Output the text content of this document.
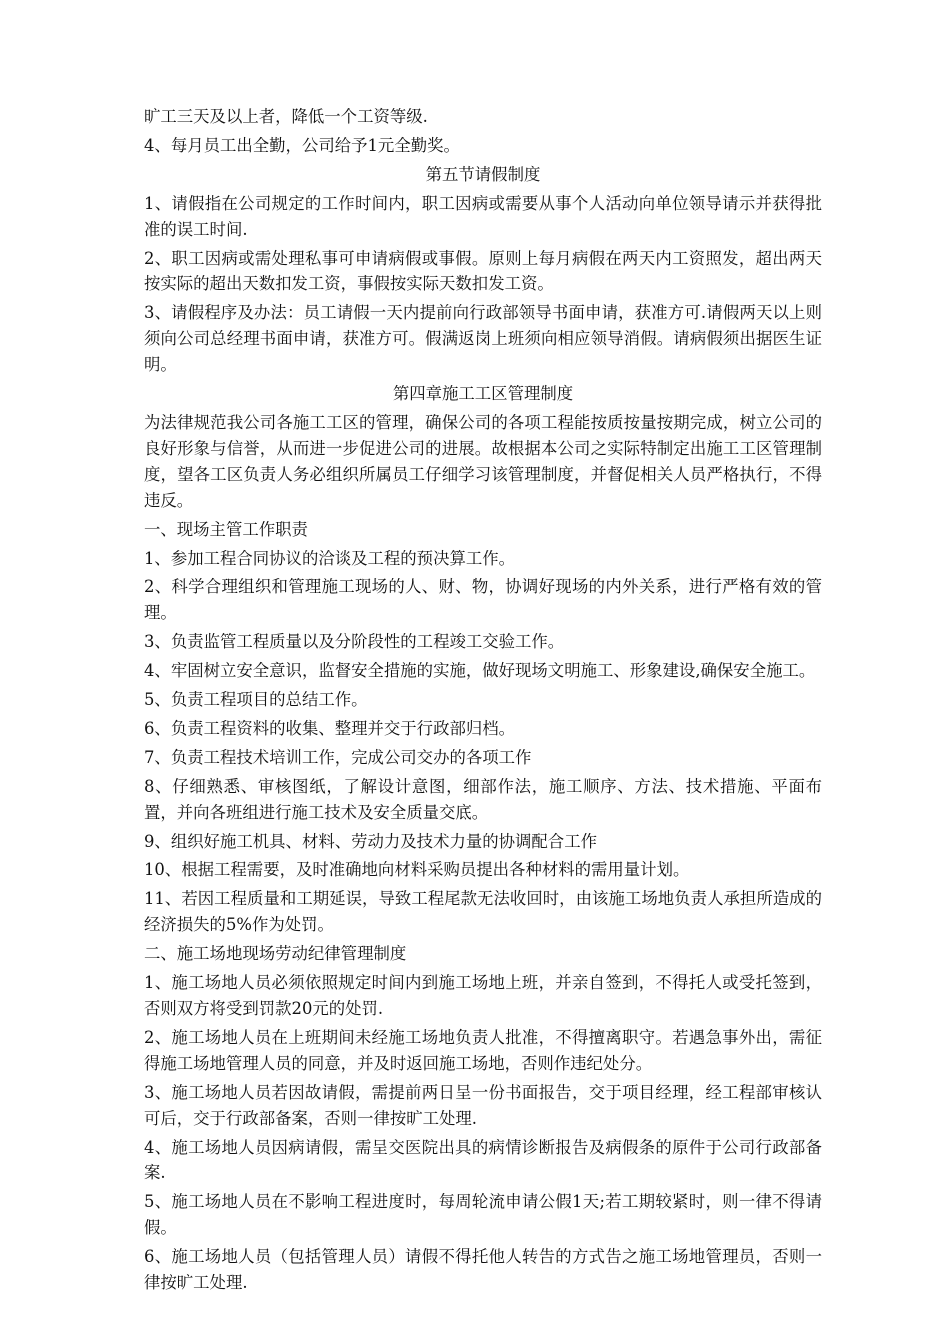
旷工三天及以上者，降低一个工资等级.
4、每月员工出全勤，公司给予1元全勤奖。
第五节请假制度
1、请假指在公司规定的工作时间内，职工因病或需要从事个人活动向单位领导请示并获得批准的误工时间.
2、职工因病或需处理私事可申请病假或事假。原则上每月病假在两天内工资照发，超出两天按实际的超出天数扣发工资，事假按实际天数扣发工资。
3、请假程序及办法：员工请假一天内提前向行政部领导书面申请，获准方可.请假两天以上则须向公司总经理书面申请，获准方可。假满返岗上班须向相应领导消假。请病假须出据医生证明。
第四章施工工区管理制度
为法律规范我公司各施工工区的管理，确保公司的各项工程能按质按量按期完成，树立公司的良好形象与信誉，从而进一步促进公司的进展。故根据本公司之实际特制定出施工工区管理制度，望各工区负责人务必组织所属员工仔细学习该管理制度，并督促相关人员严格执行，不得违反。
一、现场主管工作职责
1、参加工程合同协议的洽谈及工程的预决算工作。
2、科学合理组织和管理施工现场的人、财、物，协调好现场的内外关系，进行严格有效的管理。
3、负责监管工程质量以及分阶段性的工程竣工交验工作。
4、牢固树立安全意识，监督安全措施的实施，做好现场文明施工、形象建设,确保安全施工。
5、负责工程项目的总结工作。
6、负责工程资料的收集、整理并交于行政部归档。
7、负责工程技术培训工作，完成公司交办的各项工作
8、仔细熟悉、审核图纸，了解设计意图，细部作法，施工顺序、方法、技术措施、平面布置，并向各班组进行施工技术及安全质量交底。
9、组织好施工机具、材料、劳动力及技术力量的协调配合工作
10、根据工程需要，及时准确地向材料采购员提出各种材料的需用量计划。
11、若因工程质量和工期延误，导致工程尾款无法收回时，由该施工场地负责人承担所造成的经济损失的5%作为处罚。
二、施工场地现场劳动纪律管理制度
1、施工场地人员必须依照规定时间内到施工场地上班，并亲自签到，不得托人或受托签到，否则双方将受到罚款20元的处罚.
2、施工场地人员在上班期间未经施工场地负责人批准，不得擅离职守。若遇急事外出，需征得施工场地管理人员的同意，并及时返回施工场地，否则作违纪处分。
3、施工场地人员若因故请假，需提前两日呈一份书面报告，交于项目经理，经工程部审核认可后，交于行政部备案，否则一律按旷工处理.
4、施工场地人员因病请假，需呈交医院出具的病情诊断报告及病假条的原件于公司行政部备案.
5、施工场地人员在不影响工程进度时，每周轮流申请公假1天;若工期较紧时，则一律不得请假。
6、施工场地人员（包括管理人员）请假不得托他人转告的方式告之施工场地管理员，否则一律按旷工处理.
